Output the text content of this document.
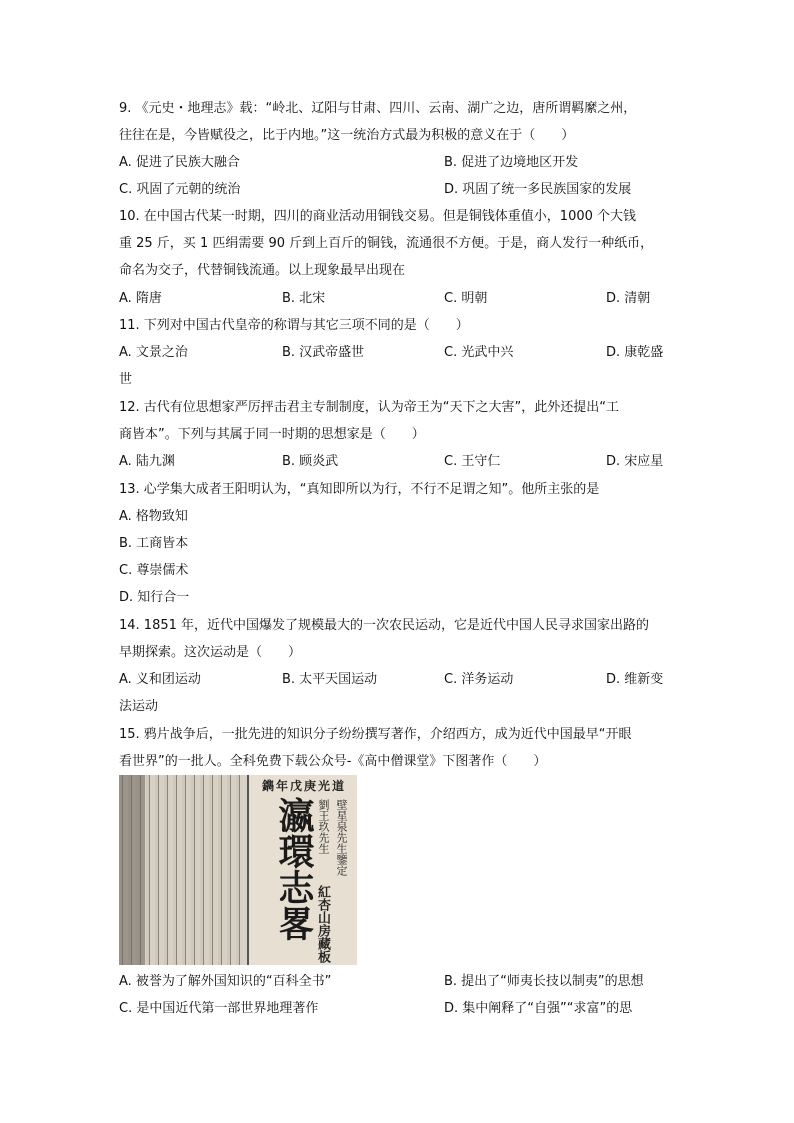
9. 《元史・地理志》载：“岭北、辽阳与甘肃、四川、云南、湖广之边，唐所谓羁縻之州，
往往在是，今皆赋役之，比于内地。”这一统治方式最为积极的意义在于（　　）
A. 促进了民族大融合	B. 促进了边境地区开发
C. 巩固了元朝的统治	D. 巩固了统一多民族国家的发展
10. 在中国古代某一时期，四川的商业活动用铜钱交易。但是铜钱体重值小，1000 个大钱
重 25 斤，买 1 匹绢需要 90 斤到上百斤的铜钱，流通很不方便。于是，商人发行一种纸币，
命名为交子，代替铜钱流通。以上现象最早出现在
A. 隋唐	B. 北宋	C. 明朝	D. 清朝
11. 下列对中国古代皇帝的称谓与其它三项不同的是（　　）
A. 文景之治	B. 汉武帝盛世	C. 光武中兴	D. 康乾盛
世
12. 古代有位思想家严厉抨击君主专制制度，认为帝王为“天下之大害”，此外还提出“工
商皆本”。下列与其属于同一时期的思想家是（　　）
A. 陆九渊	B. 顾炎武	C. 王守仁	D. 宋应星
13. 心学集大成者王阳明认为，“真知即所以为行，不行不足谓之知”。他所主张的是
A. 格物致知
B. 工商皆本
C. 尊崇儒术
D. 知行合一
14. 1851 年，近代中国爆发了规模最大的一次农民运动，它是近代中国人民寻求国家出路的
早期探索。这次运动是（　　）
A. 义和团运动	B. 太平天国运动	C. 洋务运动	D. 维新变
法运动
15. 鸦片战争后，一批先进的知识分子纷纷撰写著作，介绍西方，成为近代中国最早“开眼
看世界”的一批人。全科免费下载公众号-《高中僧课堂》下图著作（　　）
鐫年戊庚光道
瀛環志畧 劉王玖先生 壁星泉先生鑒定
紅杏山房藏板
A. 被誉为了解外国知识的“百科全书”	B. 提出了“师夷长技以制夷”的思想
C. 是中国近代第一部世界地理著作	D. 集中阐释了“自强”“求富”的思
